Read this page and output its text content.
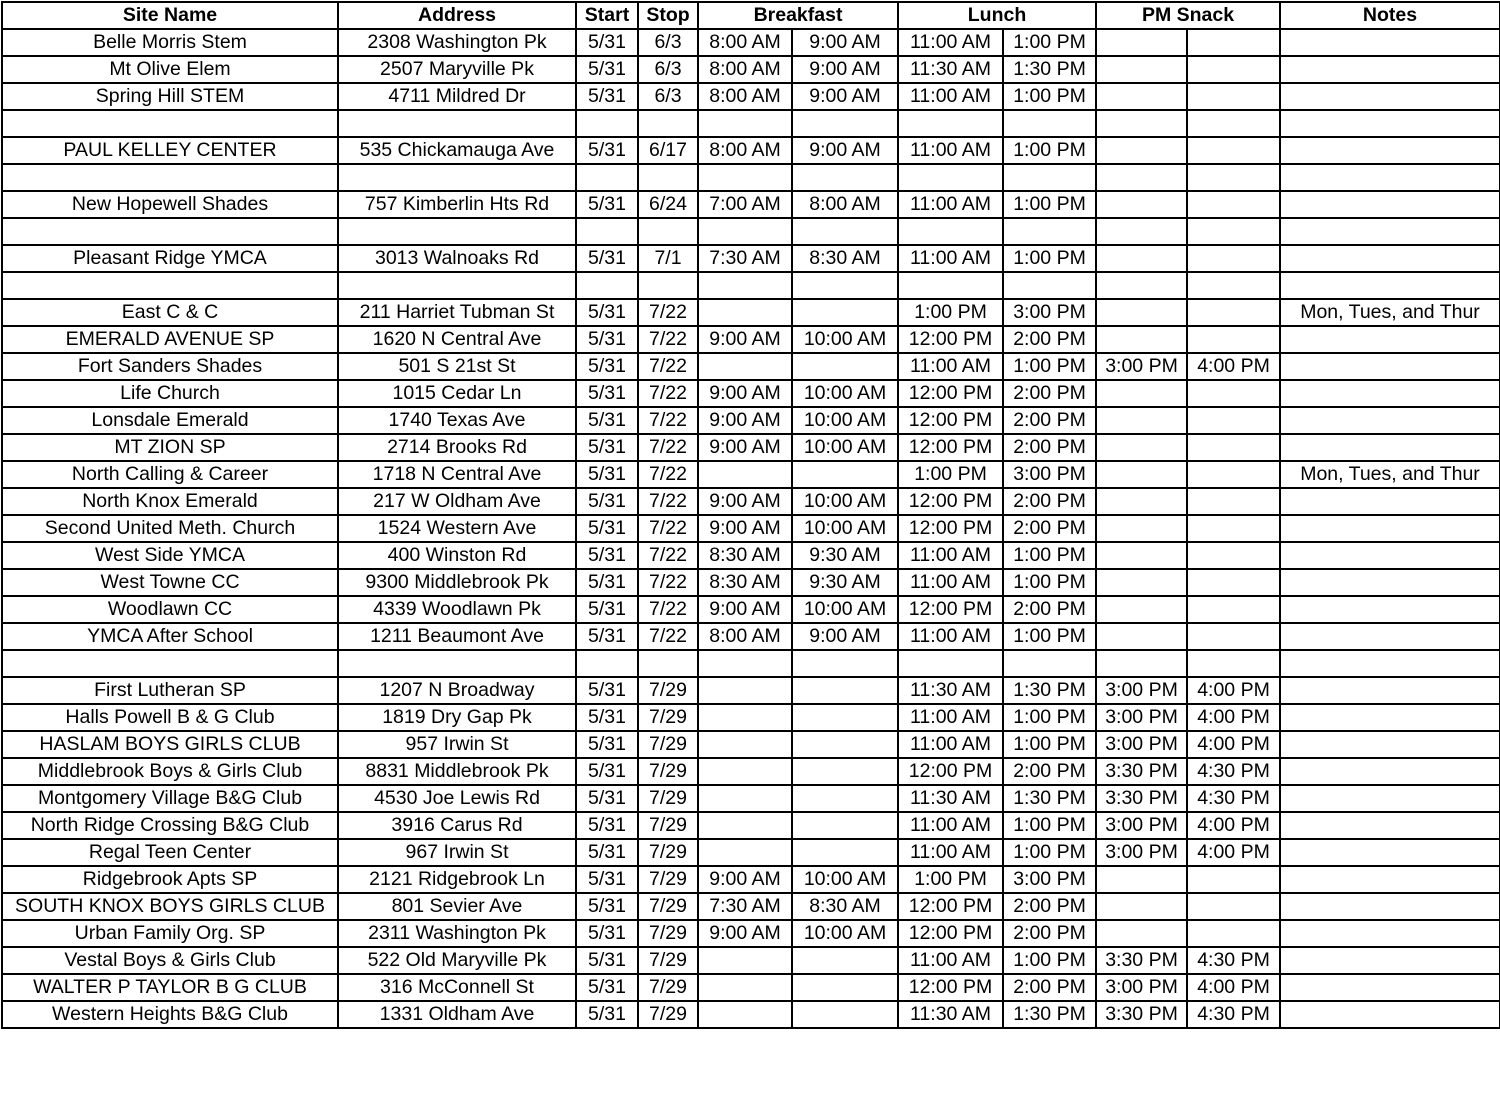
Site Name	Address	Start	Stop	Breakfast		Lunch		PM Snack		Notes
Belle Morris Stem	2308 Washington Pk	5/31	6/3	8:00 AM	9:00 AM	11:00 AM	1:00 PM			
Mt Olive Elem	2507 Maryville Pk	5/31	6/3	8:00 AM	9:00 AM	11:30 AM	1:30 PM			
Spring Hill STEM	4711 Mildred Dr	5/31	6/3	8:00 AM	9:00 AM	11:00 AM	1:00 PM			

PAUL KELLEY CENTER	535 Chickamauga Ave	5/31	6/17	8:00 AM	9:00 AM	11:00 AM	1:00 PM			

New Hopewell Shades	757 Kimberlin Hts Rd	5/31	6/24	7:00 AM	8:00 AM	11:00 AM	1:00 PM			

Pleasant Ridge YMCA	3013 Walnoaks Rd	5/31	7/1	7:30 AM	8:30 AM	11:00 AM	1:00 PM			

East C & C	211 Harriet Tubman St	5/31	7/22			1:00 PM	3:00 PM			Mon, Tues, and Thur
EMERALD AVENUE SP	1620 N Central Ave	5/31	7/22	9:00 AM	10:00 AM	12:00 PM	2:00 PM			
Fort Sanders Shades	501 S 21st St	5/31	7/22			11:00 AM	1:00 PM	3:00 PM	4:00 PM	
Life Church	1015 Cedar Ln	5/31	7/22	9:00 AM	10:00 AM	12:00 PM	2:00 PM			
Lonsdale Emerald	1740 Texas Ave	5/31	7/22	9:00 AM	10:00 AM	12:00 PM	2:00 PM			
MT ZION SP	2714 Brooks Rd	5/31	7/22	9:00 AM	10:00 AM	12:00 PM	2:00 PM			
North Calling & Career	1718 N Central Ave	5/31	7/22			1:00 PM	3:00 PM			Mon, Tues, and Thur
North Knox Emerald	217 W Oldham Ave	5/31	7/22	9:00 AM	10:00 AM	12:00 PM	2:00 PM			
Second United Meth. Church	1524 Western Ave	5/31	7/22	9:00 AM	10:00 AM	12:00 PM	2:00 PM			
West Side YMCA	400 Winston Rd	5/31	7/22	8:30 AM	9:30 AM	11:00 AM	1:00 PM			
West Towne CC	9300 Middlebrook Pk	5/31	7/22	8:30 AM	9:30 AM	11:00 AM	1:00 PM			
Woodlawn CC	4339 Woodlawn Pk	5/31	7/22	9:00 AM	10:00 AM	12:00 PM	2:00 PM			
YMCA After School	1211 Beaumont Ave	5/31	7/22	8:00 AM	9:00 AM	11:00 AM	1:00 PM			

First Lutheran SP	1207 N Broadway	5/31	7/29			11:30 AM	1:30 PM	3:00 PM	4:00 PM	
Halls Powell B & G Club	1819 Dry Gap Pk	5/31	7/29			11:00 AM	1:00 PM	3:00 PM	4:00 PM	
HASLAM BOYS GIRLS CLUB	957 Irwin St	5/31	7/29			11:00 AM	1:00 PM	3:00 PM	4:00 PM	
Middlebrook Boys & Girls Club	8831 Middlebrook Pk	5/31	7/29			12:00 PM	2:00 PM	3:30 PM	4:30 PM	
Montgomery Village B&G Club	4530 Joe Lewis Rd	5/31	7/29			11:30 AM	1:30 PM	3:30 PM	4:30 PM	
North Ridge Crossing B&G Club	3916 Carus Rd	5/31	7/29			11:00 AM	1:00 PM	3:00 PM	4:00 PM	
Regal Teen Center	967 Irwin St	5/31	7/29			11:00 AM	1:00 PM	3:00 PM	4:00 PM	
Ridgebrook Apts SP	2121 Ridgebrook Ln	5/31	7/29	9:00 AM	10:00 AM	1:00 PM	3:00 PM			
SOUTH KNOX BOYS GIRLS CLUB	801 Sevier Ave	5/31	7/29	7:30 AM	8:30 AM	12:00 PM	2:00 PM			
Urban Family Org. SP	2311 Washington Pk	5/31	7/29	9:00 AM	10:00 AM	12:00 PM	2:00 PM			
Vestal Boys & Girls Club	522 Old Maryville Pk	5/31	7/29			11:00 AM	1:00 PM	3:30 PM	4:30 PM	
WALTER P TAYLOR B G CLUB	316 McConnell St	5/31	7/29			12:00 PM	2:00 PM	3:00 PM	4:00 PM	
Western Heights B&G Club	1331 Oldham Ave	5/31	7/29			11:30 AM	1:30 PM	3:30 PM	4:30 PM	
